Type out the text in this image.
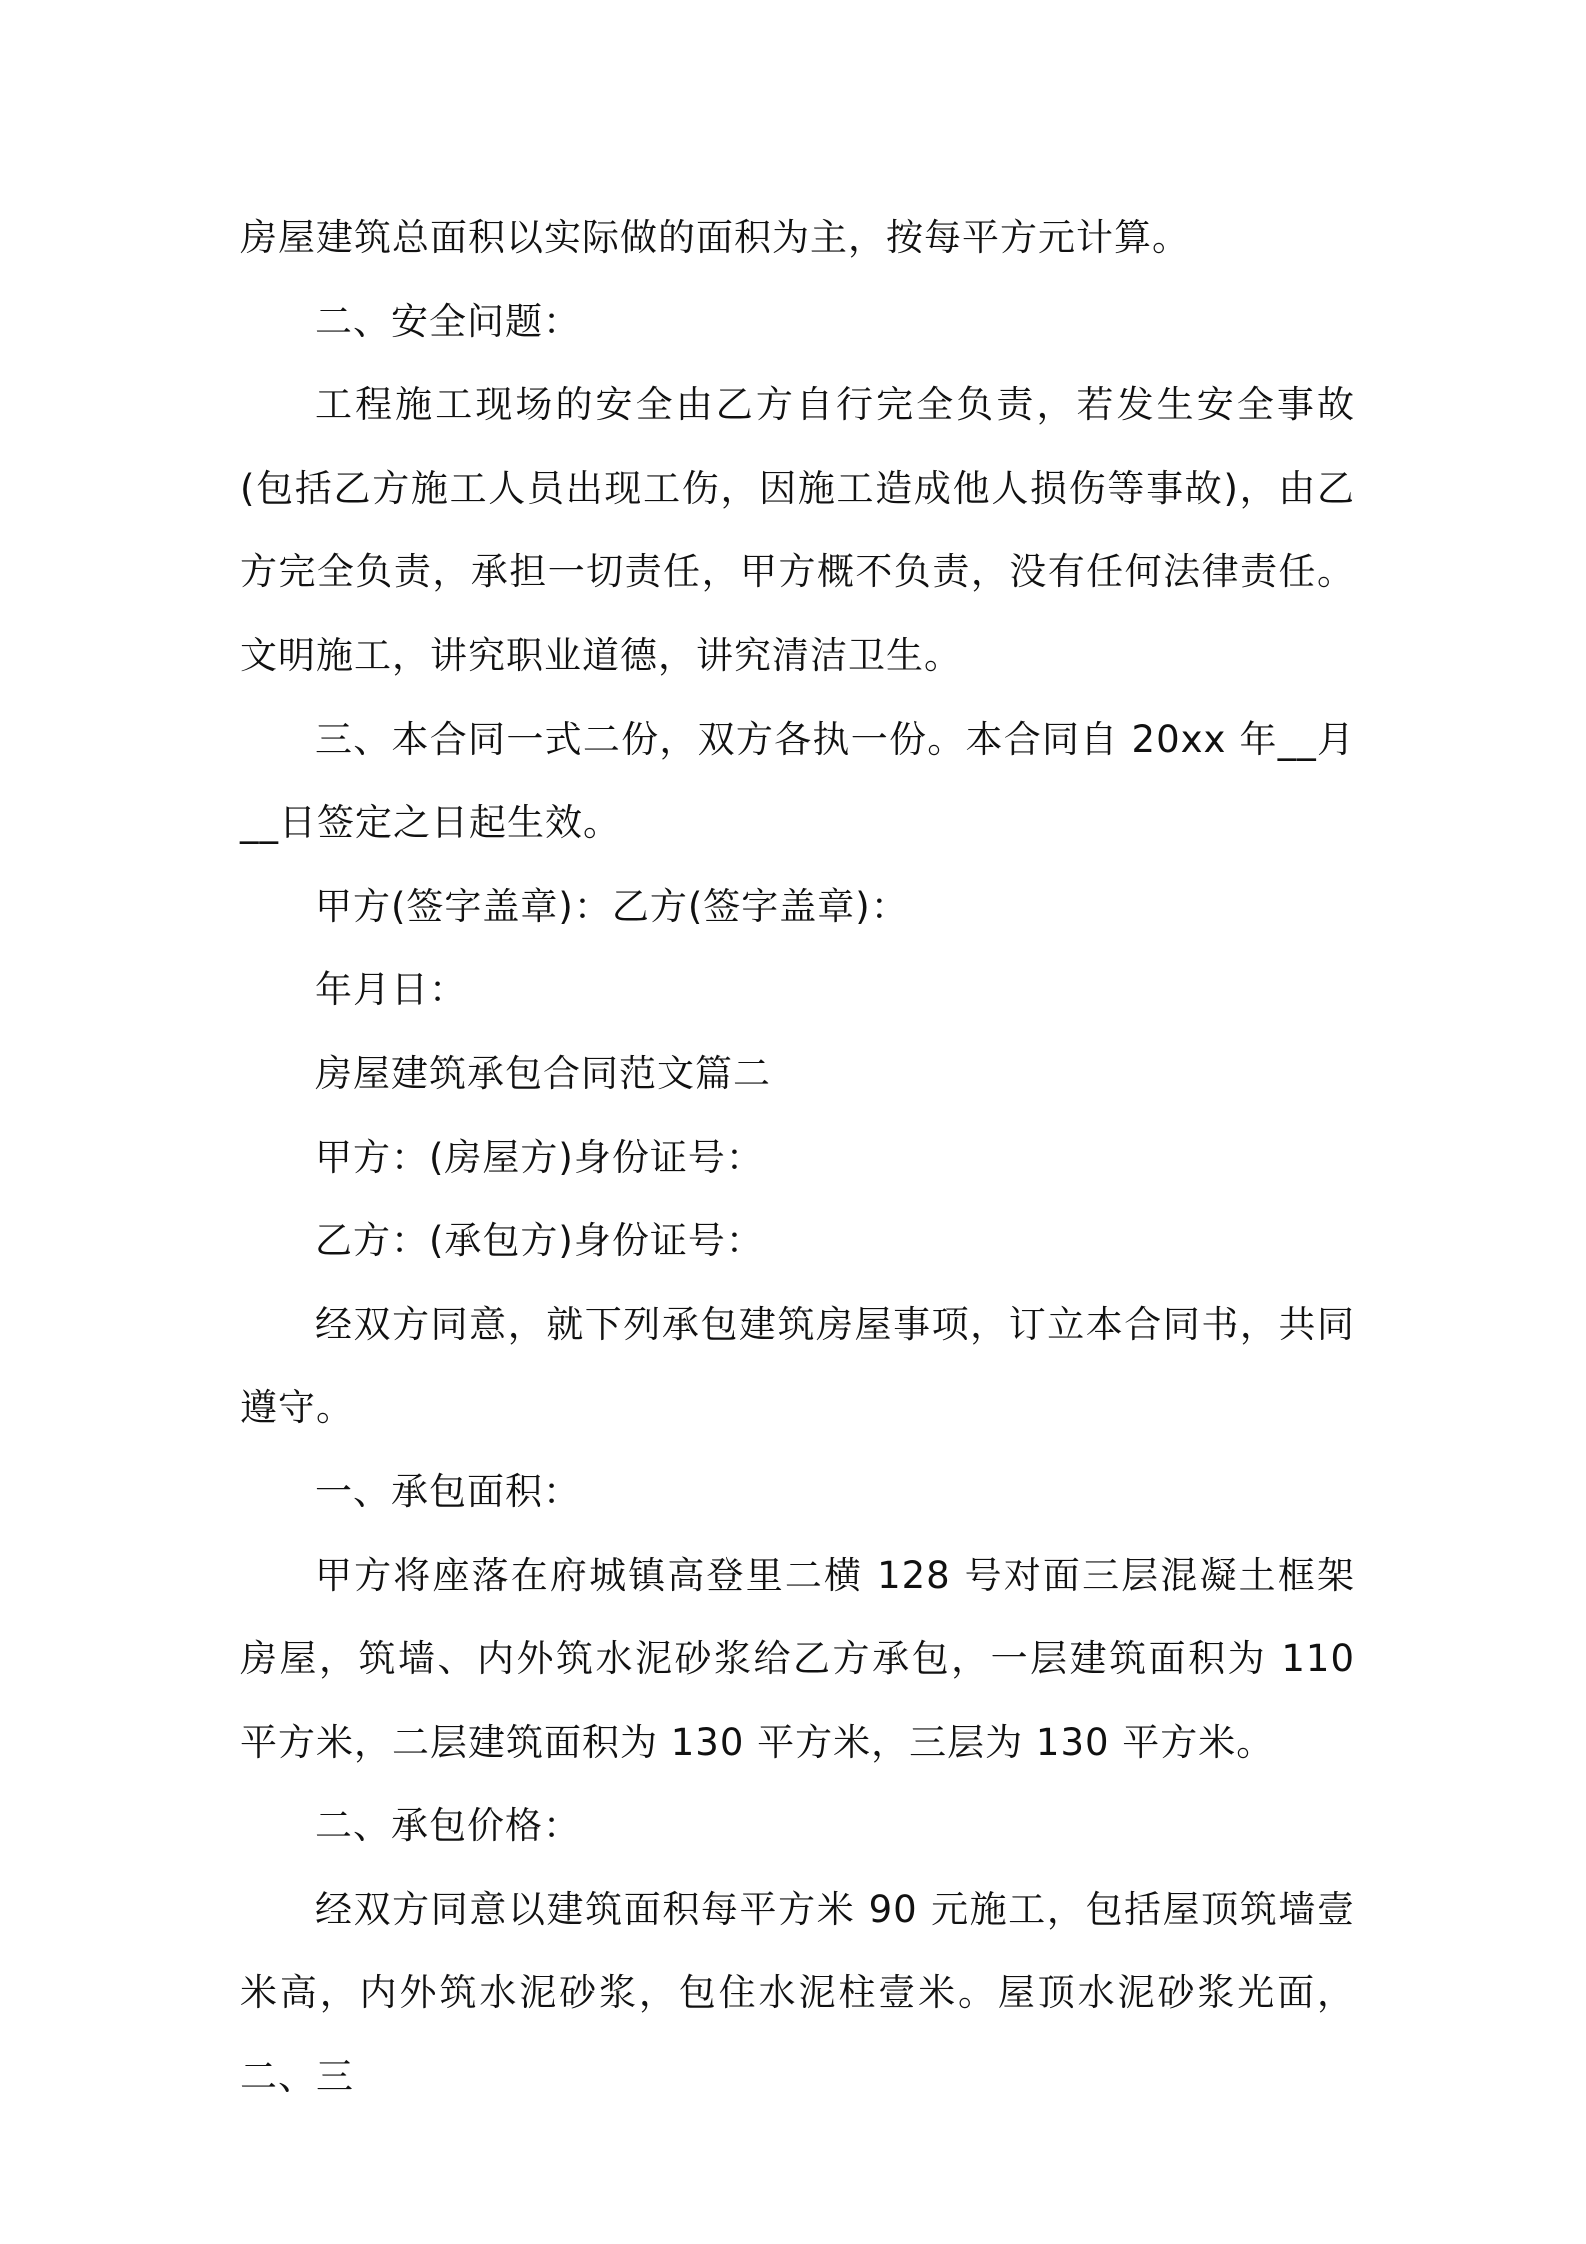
房屋建筑总面积以实际做的面积为主，按每平方元计算。

二、安全问题：

工程施工现场的安全由乙方自行完全负责，若发生安全事故(包括乙方施工人员出现工伤，因施工造成他人损伤等事故)，由乙方完全负责，承担一切责任，甲方概不负责，没有任何法律责任。文明施工，讲究职业道德，讲究清洁卫生。

三、本合同一式二份，双方各执一份。本合同自 20xx 年__月__日签定之日起生效。

甲方(签字盖章)：乙方(签字盖章)：

年月日：

房屋建筑承包合同范文篇二

甲方：(房屋方)身份证号：

乙方：(承包方)身份证号：

经双方同意，就下列承包建筑房屋事项，订立本合同书，共同遵守。

一、承包面积：

甲方将座落在府城镇高登里二横 128 号对面三层混凝土框架房屋，筑墙、内外筑水泥砂浆给乙方承包，一层建筑面积为 110 平方米，二层建筑面积为 130 平方米，三层为 130 平方米。

二、承包价格：

经双方同意以建筑面积每平方米 90 元施工，包括屋顶筑墙壹米高，内外筑水泥砂浆，包住水泥柱壹米。屋顶水泥砂浆光面，二、三
